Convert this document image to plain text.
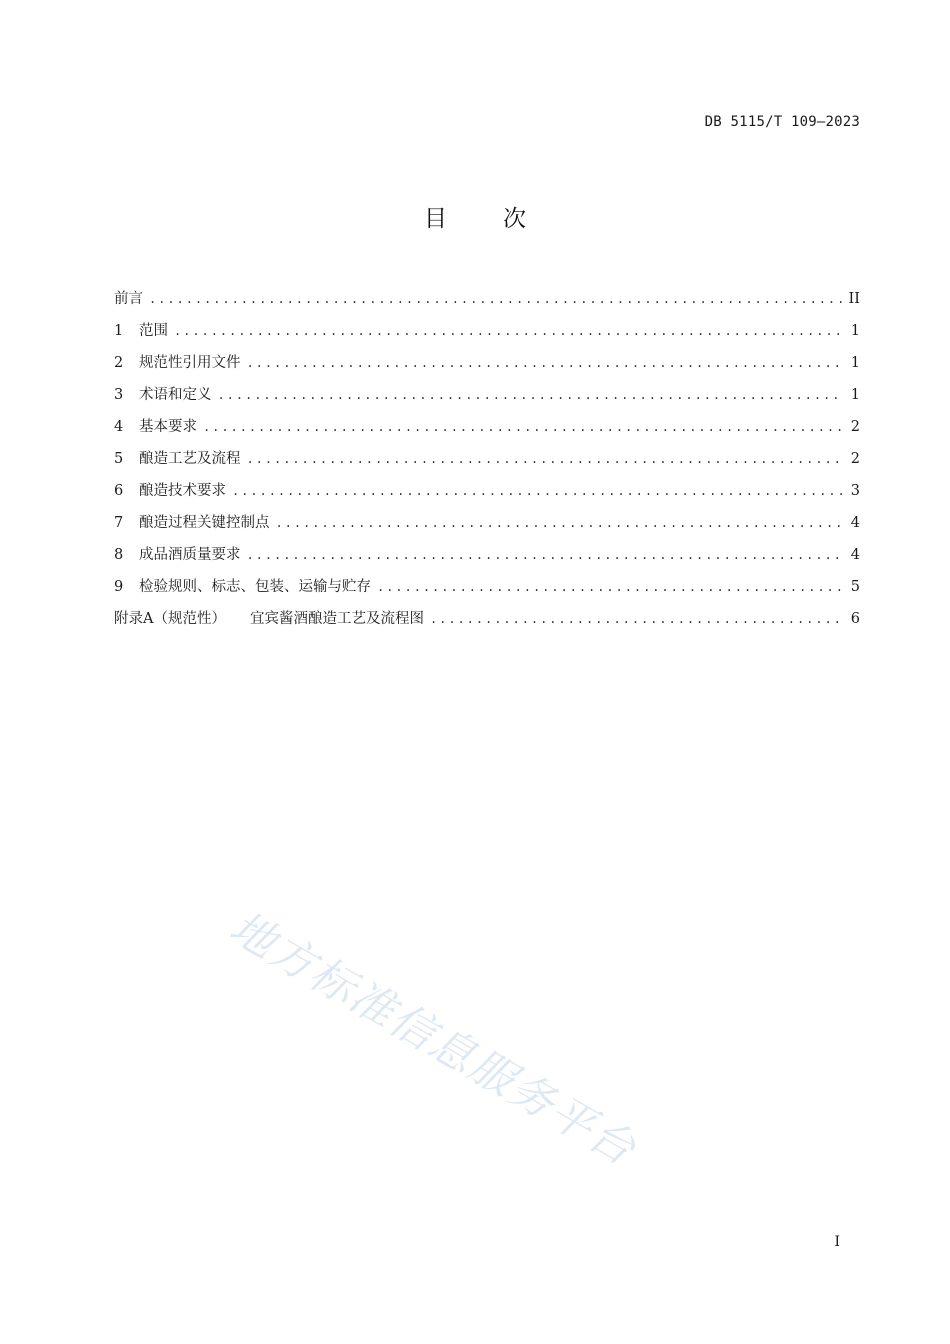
DB 5115/T 109—2023
目次
前言 .....	II
1	范围 .....	1
2	规范性引用文件 .....	1
3	术语和定义 .....	1
4	基本要求 .....	2
5	酿造工艺及流程 .....	2
6	酿造技术要求 .....	3
7	酿造过程关键控制点 .....	4
8	成品酒质量要求 .....	4
9	检验规则、标志、包装、运输与贮存 .....	5
附录A（规范性） 宜宾酱酒酿造工艺及流程图 .....	6
地方标准信息服务平台
I
